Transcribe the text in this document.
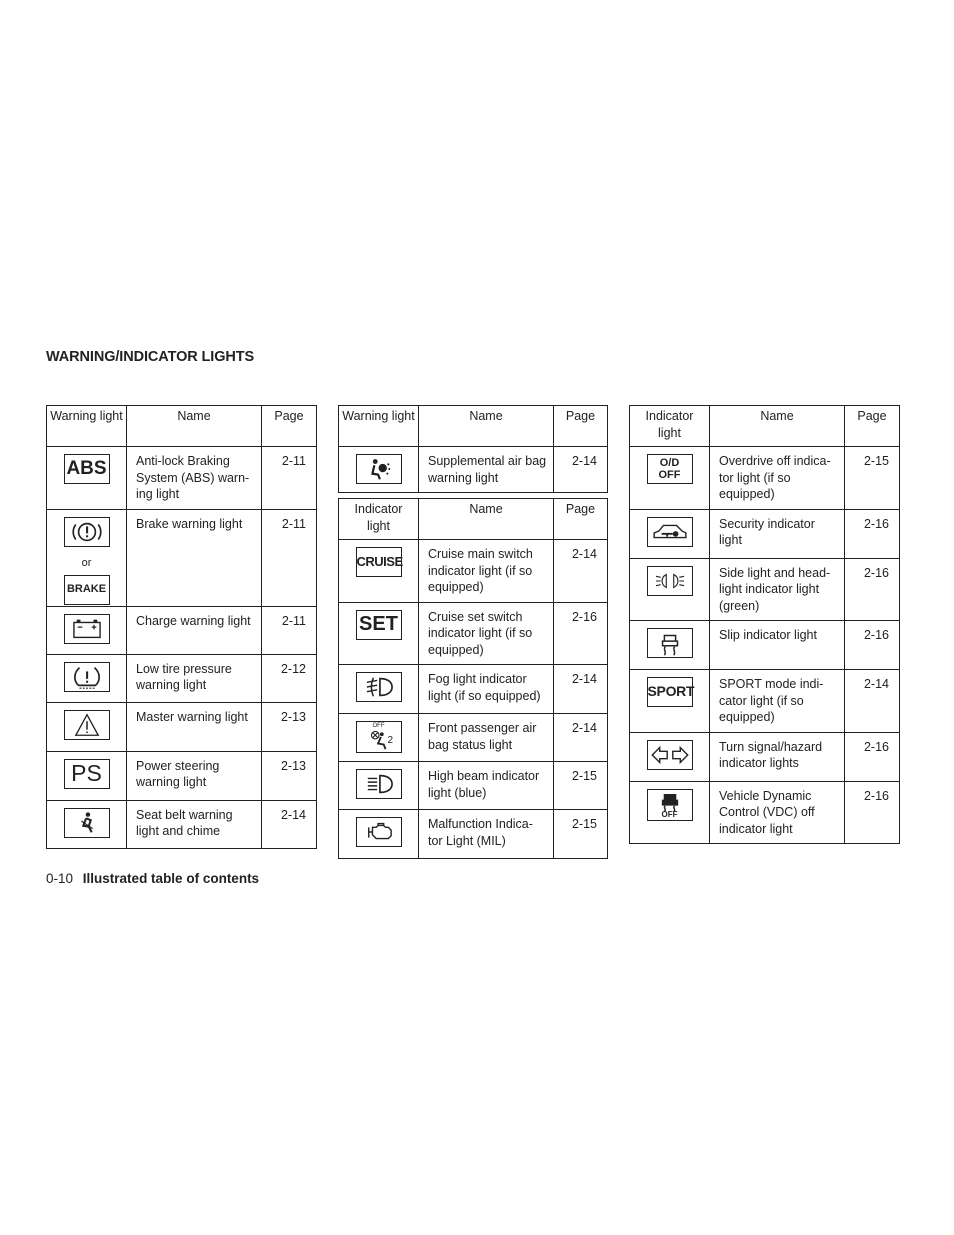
WARNING/INDICATOR LIGHTS
Warning light	Name	Page
ABS	Anti-lock Braking System (ABS) warn-ing light	2-11

or
BRAKE	Brake warning light	2-11

	Charge warning light	2-11

	Low tire pressure warning light	2-12

	Master warning light	2-13
PS	Power steering warning light	2-13

	Seat belt warning light and chime	2-14
Warning light	Name	Page

	Supplemental air bag warning light	2-14
Indicator light	Name	Page
CRUISE	Cruise main switch indicator light (if so equipped)	2-14
SET	Cruise set switch indicator light (if so equipped)	2-16

	Fog light indicator light (if so equipped)	2-14

OFF
2	Front passenger air bag status light	2-14

	High beam indicator light (blue)	2-15

	Malfunction Indica-tor Light (MIL)	2-15
Indicator light	Name	Page

O/D
OFF	Overdrive off indica-tor light (if so equipped)	2-15

	Security indicator light	2-16

	Side light and head-light indicator light (green)	2-16

	Slip indicator light	2-16
SPORT	SPORT mode indi-cator light (if so equipped)	2-14

	Turn signal/hazard indicator lights	2-16

OFF	Vehicle Dynamic Control (VDC) off indicator light	2-16
0-10 Illustrated table of contents
